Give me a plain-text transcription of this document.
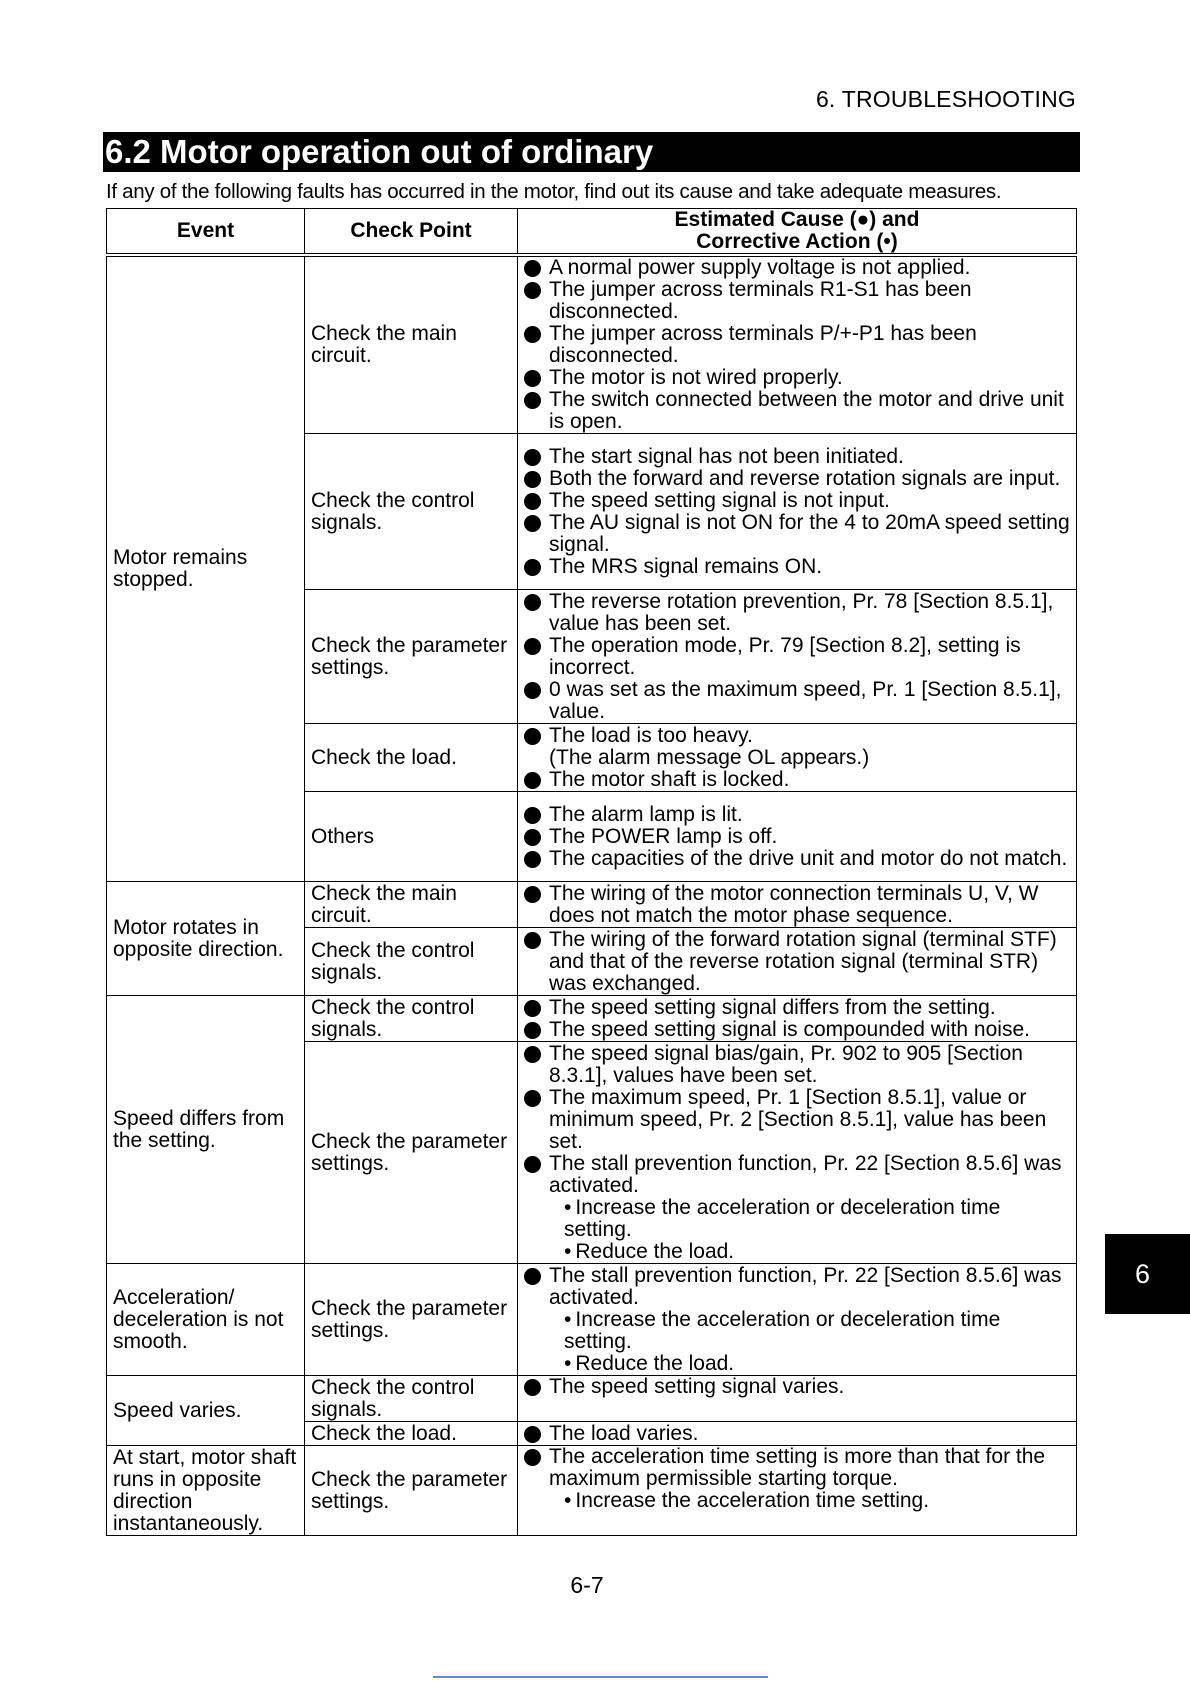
6. TROUBLESHOOTING
6.2 Motor operation out of ordinary
If any of the following faults has occurred in the motor, find out its cause and take adequate measures.
Event	Check Point	Estimated Cause (●) and
Corrective Action (•)

Motor remains stopped.	Check the main circuit.	A normal power supply voltage is not applied.
The jumper across terminals R1-S1 has been disconnected.
The jumper across terminals P/+-P1 has been disconnected.
The motor is not wired properly.
The switch connected between the motor and drive unit is open.

	Check the control signals.	The start signal has not been initiated.
Both the forward and reverse rotation signals are input.
The speed setting signal is not input.
The AU signal is not ON for the 4 to 20mA speed setting signal.
The MRS signal remains ON.

	Check the parameter settings.	The reverse rotation prevention, Pr. 78 [Section 8.5.1], value has been set.
The operation mode, Pr. 79 [Section 8.2], setting is incorrect.
0 was set as the maximum speed, Pr. 1 [Section 8.5.1], value.

	Check the load.	The load is too heavy.
(The alarm message OL appears.)
The motor shaft is locked.

	Others	The alarm lamp is lit.
The POWER lamp is off.
The capacities of the drive unit and motor do not match.

Motor rotates in opposite direction.	Check the main circuit.	The wiring of the motor connection terminals U, V, W does not match the motor phase sequence.

	Check the control signals.	The wiring of the forward rotation signal (terminal STF) and that of the reverse rotation signal (terminal STR) was exchanged.

Speed differs from the setting.	Check the control signals.	The speed setting signal differs from the setting.
The speed setting signal is compounded with noise.

	Check the parameter settings.	The speed signal bias/gain, Pr. 902 to 905 [Section 8.3.1], values have been set.
The maximum speed, Pr. 1 [Section 8.5.1], value or minimum speed, Pr. 2 [Section 8.5.1], value has been set.
The stall prevention function, Pr. 22 [Section 8.5.6] was activated.
• Increase the acceleration or deceleration time setting.
• Reduce the load.

Acceleration/ deceleration is not smooth.	Check the parameter settings.	The stall prevention function, Pr. 22 [Section 8.5.6] was activated.
• Increase the acceleration or deceleration time setting.
• Reduce the load.

Speed varies.	Check the control signals.	The speed setting signal varies.

	Check the load.	The load varies.

At start, motor shaft runs in opposite direction instantaneously.	Check the parameter settings.	The acceleration time setting is more than that for the maximum permissible starting torque.
• Increase the acceleration time setting.
6-7
6
